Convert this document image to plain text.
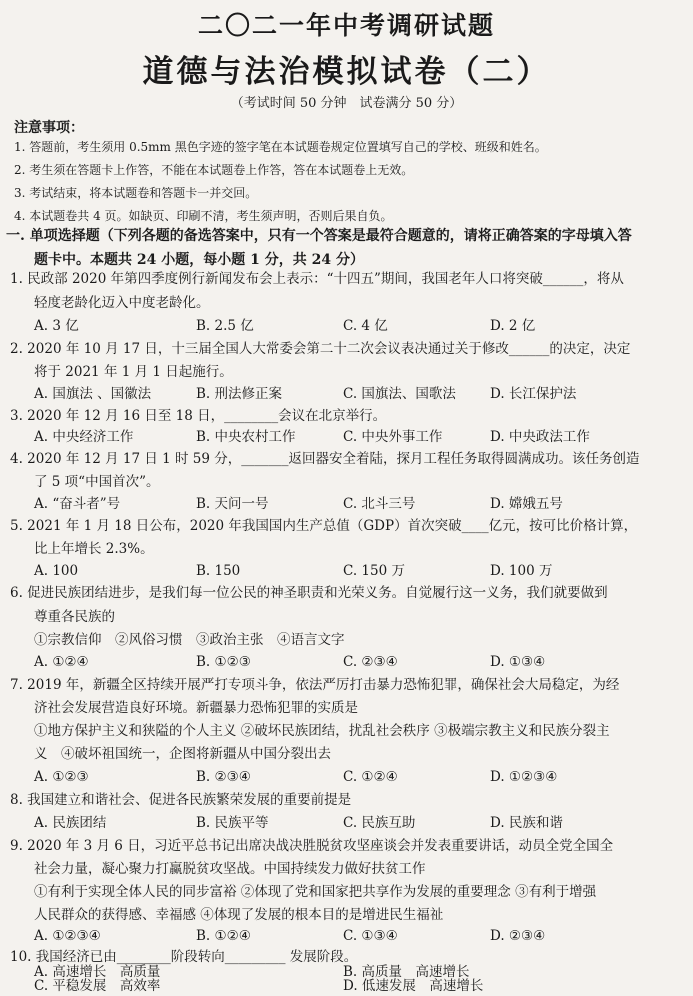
二〇二一年中考调研试题
道德与法治模拟试卷（二）
（考试时间 50 分钟　试卷满分 50 分）
注意事项：
1. 答题前，考生须用 0.5mm 黑色字迹的签字笔在本试题卷规定位置填写自己的学校、班级和姓名。
2. 考生须在答题卡上作答，不能在本试题卷上作答，答在本试题卷上无效。
3. 考试结束，将本试题卷和答题卡一并交回。
4. 本试题卷共 4 页。如缺页、印刷不清，考生须声明，否则后果自负。
一. 单项选择题（下列各题的备选答案中，只有一个答案是最符合题意的，请将正确答案的字母填入答
题卡中。本题共 24 小题，每小题 1 分，共 24 分）
1. 民政部 2020 年第四季度例行新闻发布会上表示：“十四五”期间，我国老年人口将突破______，将从
轻度老龄化迈入中度老龄化。
A. 3 亿	B. 2.5 亿	C. 4 亿	D. 2 亿
2. 2020 年 10 月 17 日，十三届全国人大常委会第二十二次会议表决通过关于修改______的决定，决定
将于 2021 年 1 月 1 日起施行。
A. 国旗法 、国徽法	B. 刑法修正案	C. 国旗法、国歌法	D. 长江保护法
3. 2020 年 12 月 16 日至 18 日，________会议在北京举行。
A. 中央经济工作	B. 中央农村工作	C. 中央外事工作	D. 中央政法工作
4. 2020 年 12 月 17 日 1 时 59 分，_______返回器安全着陆，探月工程任务取得圆满成功。该任务创造
了 5 项“中国首次”。
A. “奋斗者”号	B. 天问一号	C. 北斗三号	D. 嫦娥五号
5. 2021 年 1 月 18 日公布，2020 年我国国内生产总值（GDP）首次突破____亿元，按可比价格计算，
比上年增长 2.3%。
A. 100	B. 150	C. 150 万	D. 100 万
6. 促进民族团结进步，是我们每一位公民的神圣职责和光荣义务。自觉履行这一义务，我们就要做到
尊重各民族的
①宗教信仰　②风俗习惯　③政治主张　④语言文字
A. ①②④	B. ①②③	C. ②③④	D. ①③④
7. 2019 年，新疆全区持续开展严打专项斗争，依法严厉打击暴力恐怖犯罪，确保社会大局稳定，为经
济社会发展营造良好环境。新疆暴力恐怖犯罪的实质是
①地方保护主义和狭隘的个人主义 ②破坏民族团结，扰乱社会秩序 ③极端宗教主义和民族分裂主
义　④破坏祖国统一，企图将新疆从中国分裂出去
A. ①②③	B. ②③④	C. ①②④	D. ①②③④
8. 我国建立和谐社会、促进各民族繁荣发展的重要前提是
A. 民族团结	B. 民族平等	C. 民族互助	D. 民族和谐
9. 2020 年 3 月 6 日，习近平总书记出席决战决胜脱贫攻坚座谈会并发表重要讲话，动员全党全国全
社会力量，凝心聚力打赢脱贫攻坚战。中国持续发力做好扶贫工作
①有利于实现全体人民的同步富裕 ②体现了党和国家把共享作为发展的重要理念 ③有利于增强
人民群众的获得感、幸福感 ④体现了发展的根本目的是增进民生福祉
A. ①②③④	B. ①②④	C. ①③④	D. ②③④
10. 我国经济已由________阶段转向_________ 发展阶段。
A. 高速增长　高质量	B. 高质量　高速增长
C. 平稳发展　高效率	D. 低速发展　高速增长
